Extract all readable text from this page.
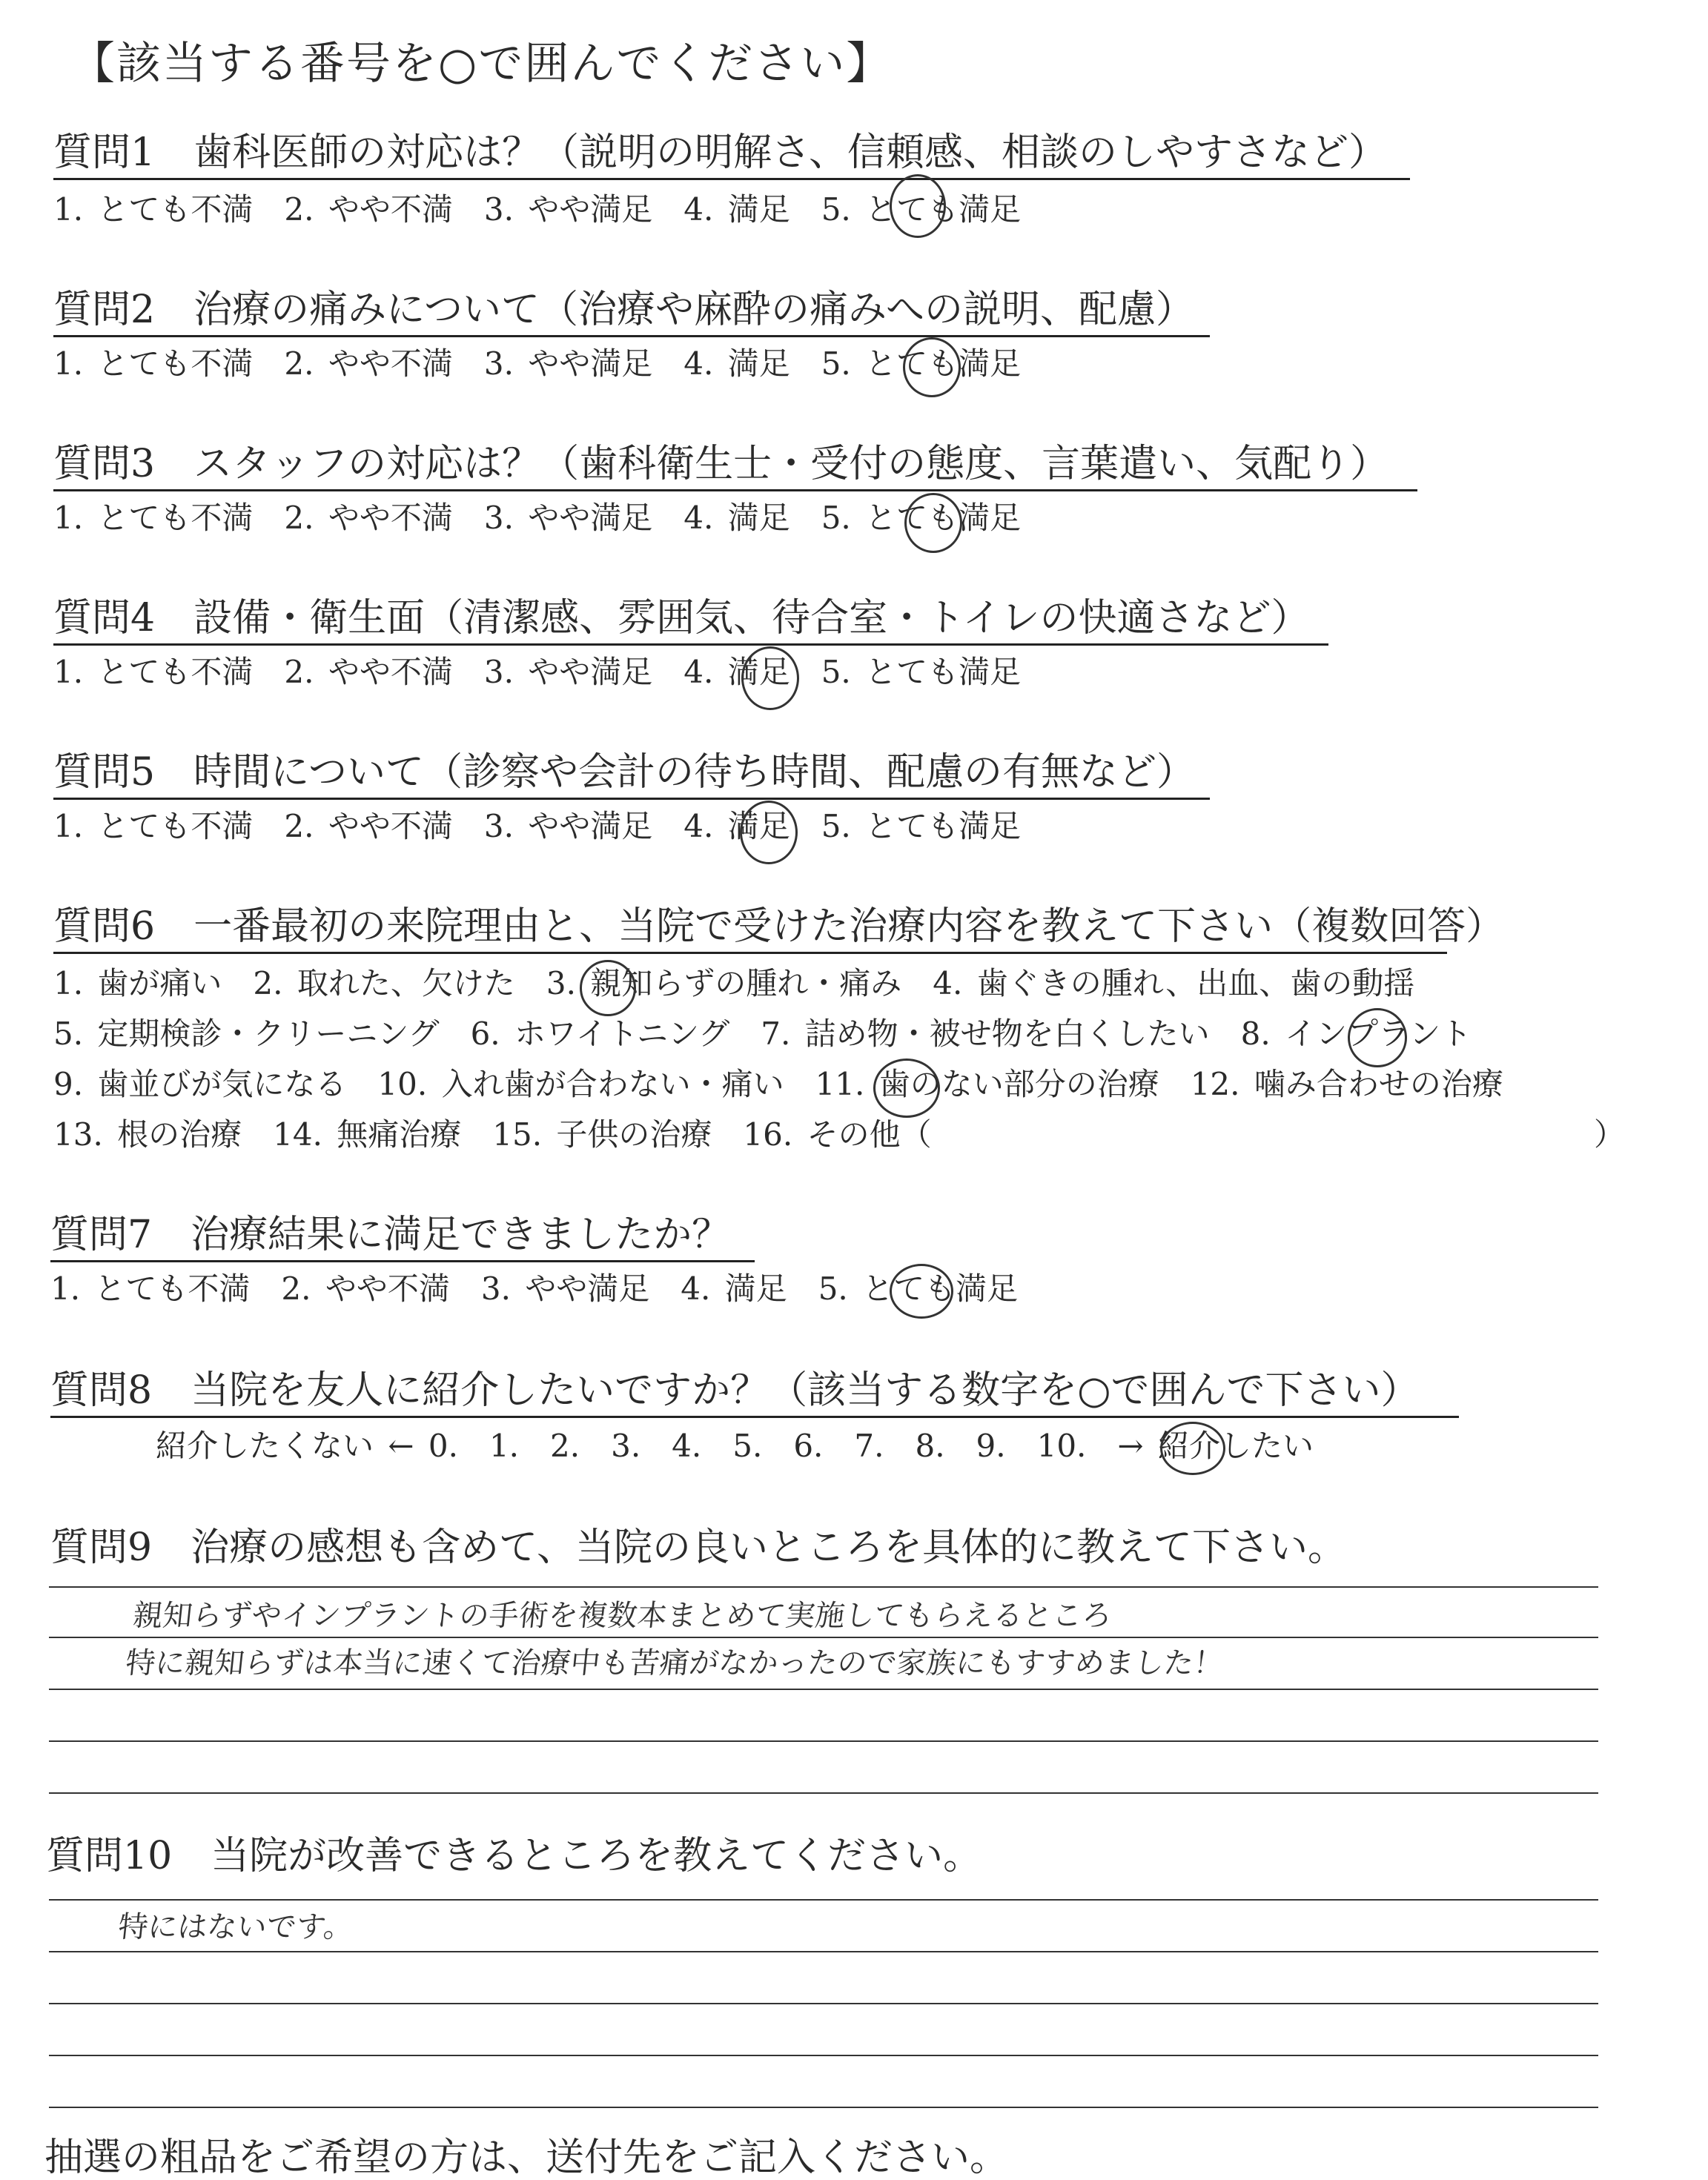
【該当する番号を○で囲んでください】
質問1　歯科医師の対応は？（説明の明解さ、信頼感、相談のしやすさなど）
1. とても不満　2. やや不満　3. やや満足　4. 満足　5. とても満足
質問2　治療の痛みについて（治療や麻酔の痛みへの説明、配慮）
1. とても不満　2. やや不満　3. やや満足　4. 満足　5. とても満足
質問3　スタッフの対応は？（歯科衛生士・受付の態度、言葉遣い、気配り）
1. とても不満　2. やや不満　3. やや満足　4. 満足　5. とても満足
質問4　設備・衛生面（清潔感、雰囲気、待合室・トイレの快適さなど）
1. とても不満　2. やや不満　3. やや満足　4. 満足　5. とても満足
質問5　時間について（診察や会計の待ち時間、配慮の有無など）
1. とても不満　2. やや不満　3. やや満足　4. 満足　5. とても満足
質問6　一番最初の来院理由と、当院で受けた治療内容を教えて下さい（複数回答）
1. 歯が痛い　2. 取れた、欠けた　3. 親知らずの腫れ・痛み　4. 歯ぐきの腫れ、出血、歯の動揺
5. 定期検診・クリーニング　6. ホワイトニング　7. 詰め物・被せ物を白くしたい　8. インプラント
9. 歯並びが気になる　10. 入れ歯が合わない・痛い　11. 歯のない部分の治療　12. 噛み合わせの治療
13. 根の治療　14. 無痛治療　15. 子供の治療　16. その他（	）
質問7　治療結果に満足できましたか？
1. とても不満　2. やや不満　3. やや満足　4. 満足　5. とても満足
質問8　当院を友人に紹介したいですか？（該当する数字を○で囲んで下さい）
紹介したくない ← 0.　1.　2.　3.　4.　5.　6.　7.　8.　9.　10.　→ 紹介したい
質問9　治療の感想も含めて、当院の良いところを具体的に教えて下さい。
親知らずやインプラントの手術を複数本まとめて実施してもらえるところ
特に親知らずは本当に速くて治療中も苦痛がなかったので家族にもすすめました！
質問10　当院が改善できるところを教えてください。
特にはないです。
抽選の粗品をご希望の方は、送付先をご記入ください。
